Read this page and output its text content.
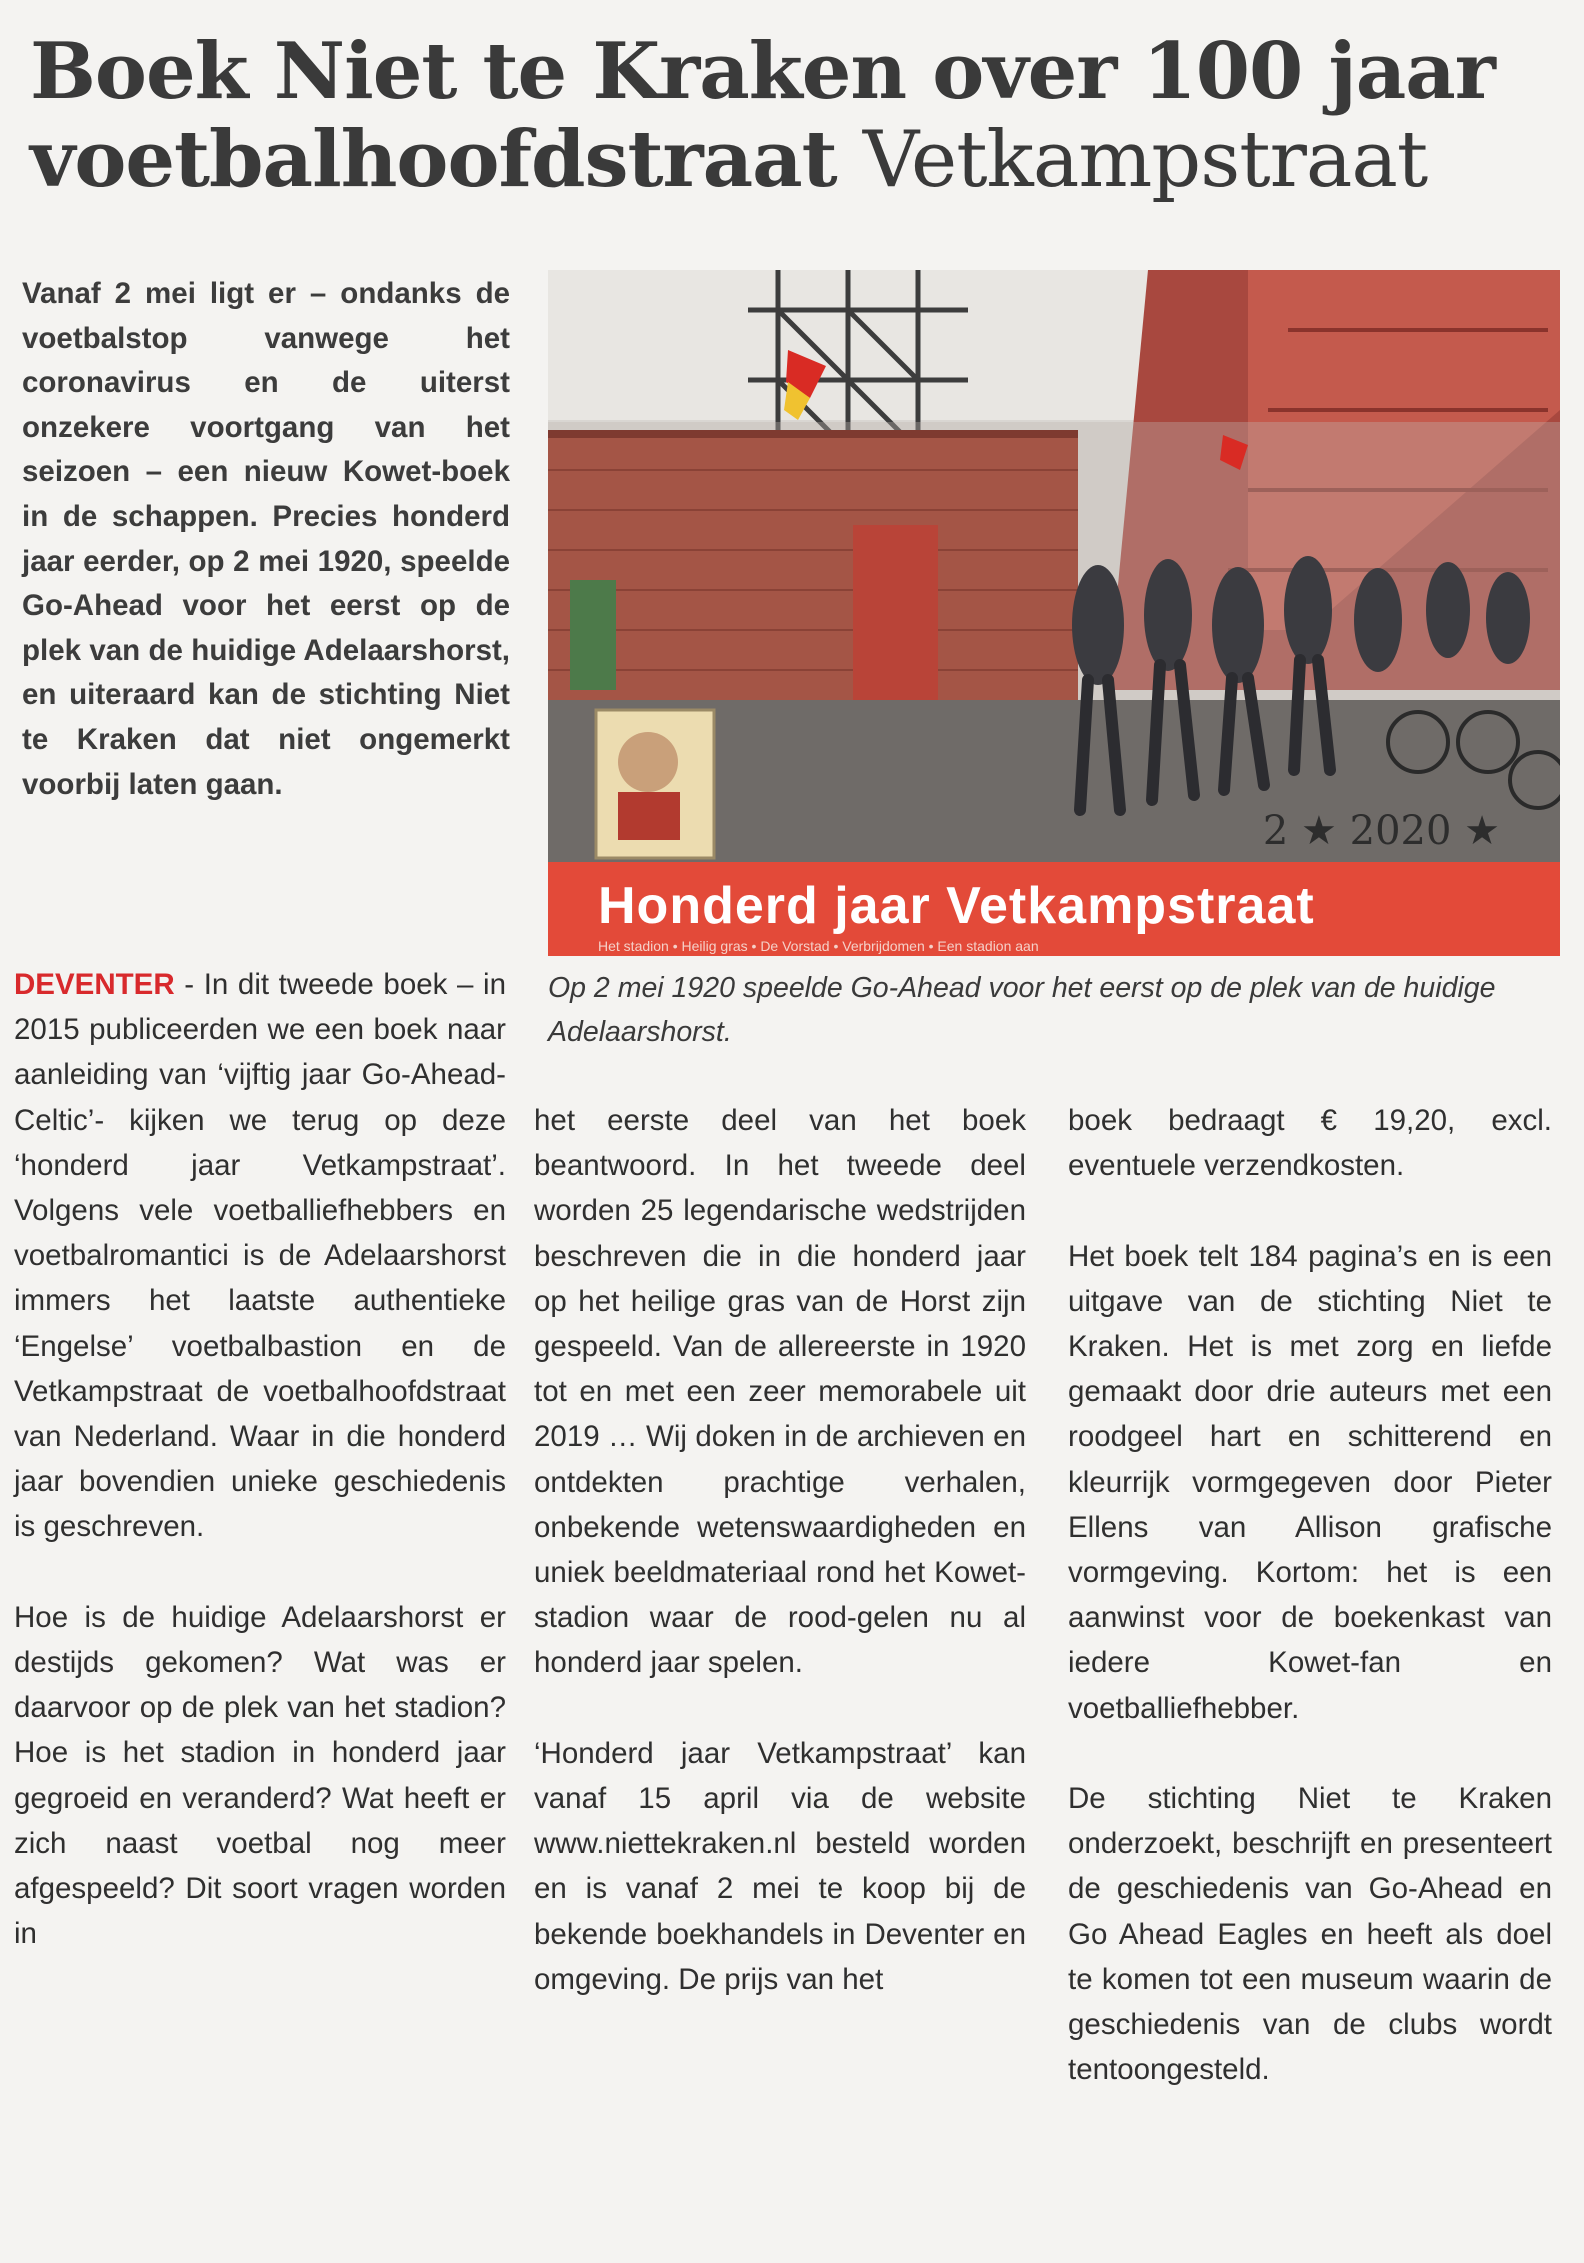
Boek Niet te Kraken over 100 jaar voetbalhoofdstraat Vetkampstraat

Vanaf 2 mei ligt er – ondanks de voetbalstop vanwege het coronavirus en de uiterst onzekere voortgang van het seizoen – een nieuw Kowet-boek in de schappen. Precies honderd jaar eerder, op 2 mei 1920, speelde Go-Ahead voor het eerst op de plek van de huidige Adelaarshorst, en uiteraard kan de stichting Niet te Kraken dat niet ongemerkt voorbij laten gaan.

2 ★ 2020 ★
Honderd jaar Vetkampstraat
Het stadion • Heilig gras • De Vorstad • Verbrijdomen • Een stadion aan

Op 2 mei 1920 speelde Go-Ahead voor het eerst op de plek van de huidige Adelaarshorst.

DEVENTER - In dit tweede boek – in 2015 publiceerden we een boek naar aanleiding van ‘vijftig jaar Go-Ahead-Celtic’- kijken we terug op deze ‘honderd jaar Vetkampstraat’. Volgens vele voetballiefhebbers en voetbalromantici is de Adelaarshorst immers het laatste authentieke ‘Engelse’ voetbalbastion en de Vetkampstraat de voetbalhoofdstraat van Nederland. Waar in die honderd jaar bovendien unieke geschiedenis is geschreven.

Hoe is de huidige Adelaarshorst er destijds gekomen? Wat was er daarvoor op de plek van het stadion? Hoe is het stadion in honderd jaar gegroeid en veranderd? Wat heeft er zich naast voetbal nog meer afgespeeld? Dit soort vragen worden in

het eerste deel van het boek beantwoord. In het tweede deel worden 25 legendarische wedstrijden beschreven die in die honderd jaar op het heilige gras van de Horst zijn gespeeld. Van de allereerste in 1920 tot en met een zeer memorabele uit 2019 … Wij doken in de archieven en ontdekten prachtige verhalen, onbekende wetenswaardigheden en uniek beeldmateriaal rond het Kowet-stadion waar de rood-gelen nu al honderd jaar spelen.

‘Honderd jaar Vetkampstraat’ kan vanaf 15 april via de website www.niettekraken.nl besteld worden en is vanaf 2 mei te koop bij de bekende boekhandels in Deventer en omgeving. De prijs van het

boek bedraagt € 19,20, excl. eventuele verzendkosten.

Het boek telt 184 pagina’s en is een uitgave van de stichting Niet te Kraken. Het is met zorg en liefde gemaakt door drie auteurs met een roodgeel hart en schitterend en kleurrijk vormgegeven door Pieter Ellens van Allison grafische vormgeving. Kortom: het is een aanwinst voor de boekenkast van iedere Kowet-fan en voetballiefhebber.

De stichting Niet te Kraken onderzoekt, beschrijft en presenteert de geschiedenis van Go-Ahead en Go Ahead Eagles en heeft als doel te komen tot een museum waarin de geschiedenis van de clubs wordt tentoongesteld.
